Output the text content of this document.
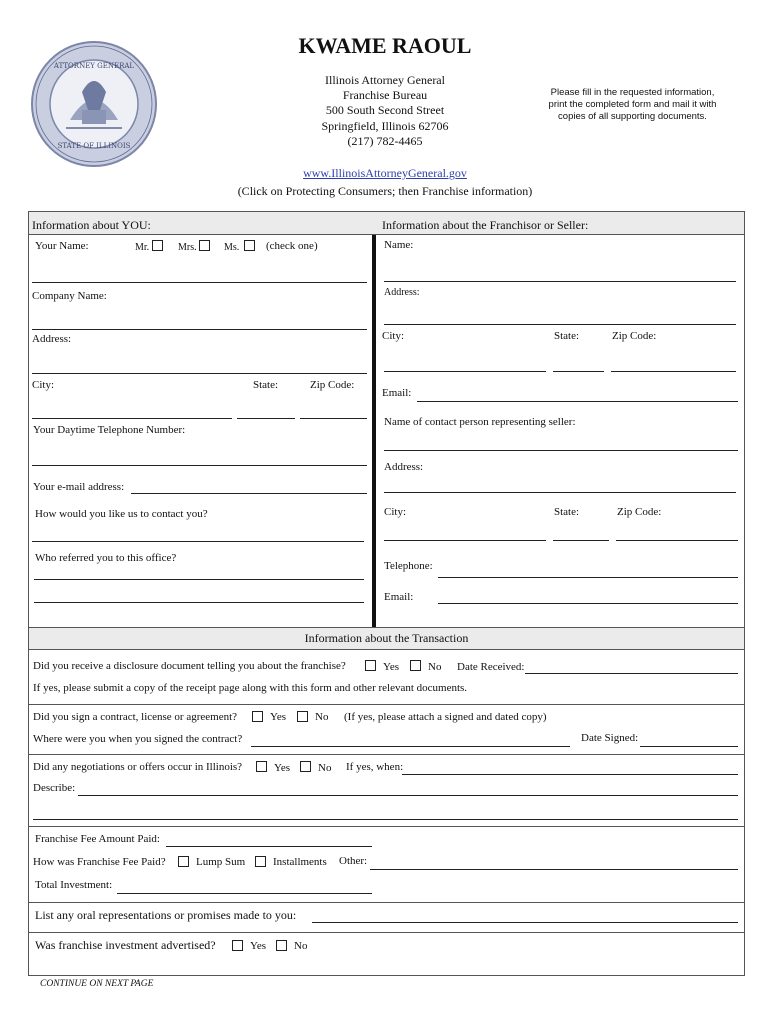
ATTORNEY GENERAL
STATE OF ILLINOIS
KWAME RAOUL
Illinois Attorney General
Franchise Bureau
500 South Second Street
Springfield, Illinois 62706
(217) 782-4465
Please fill in the requested information,
print the completed form and mail it with
copies of all supporting documents.
www.IllinoisAttorneyGeneral.gov
(Click on Protecting Consumers; then Franchise information)
Information about YOU:	Information about the Franchisor or Seller:
Your Name:	Mr.	Mrs.	Ms. (check one)
Company Name:
Address:
City:	State:	Zip Code:
Your Daytime Telephone Number:
Your e-mail address:
How would you like us to contact you?
Who referred you to this office?
Name:
Address:
City:	State:	Zip Code:
Email:
Name of contact person representing seller:
Address:
City:	State:	Zip Code:
Telephone:
Email:
Information about the Transaction
Did you receive a disclosure document telling you about the franchise?	Yes	No Date Received:
If yes, please submit a copy of the receipt page along with this form and other relevant documents.
Did you sign a contract, license or agreement?	Yes	No (If yes, please attach a signed and dated copy)
Where were you when you signed the contract?	Date Signed:
Did any negotiations or offers occur in Illinois?	Yes	No If yes, when:
Describe:
Franchise Fee Amount Paid:
How was Franchise Fee Paid?	Lump Sum	Installments Other:
Total Investment:
List any oral representations or promises made to you:
Was franchise investment advertised?	Yes	No
CONTINUE ON NEXT PAGE
